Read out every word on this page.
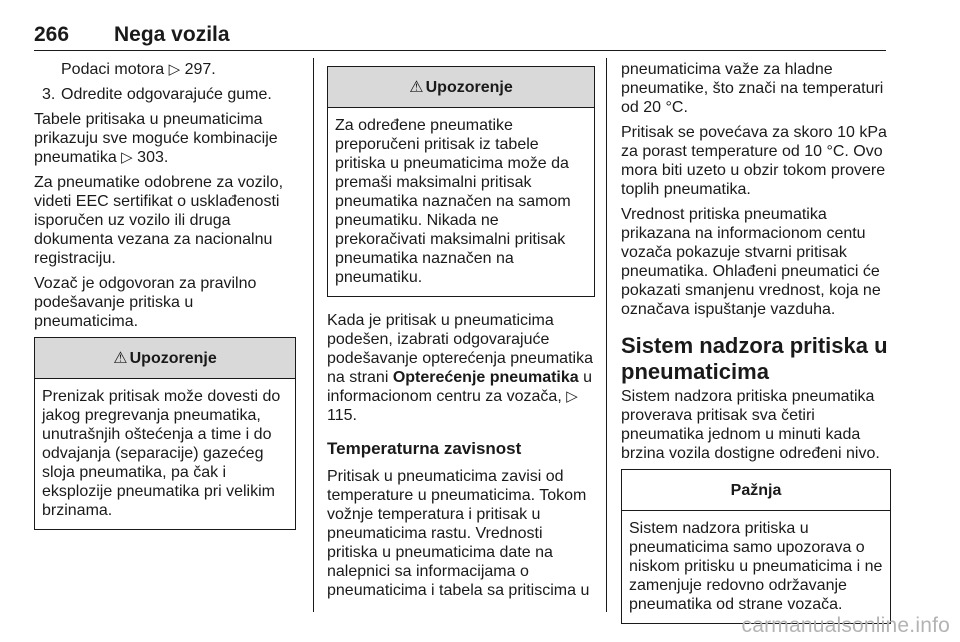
266 Nega vozila

Podaci motora ▷ 297.

3. Odredite odgovarajuće gume.

Tabele pritisaka u pneumaticima prikazuju sve moguće kombinacije pneumatika ▷ 303.

Za pneumatike odobrene za vozilo, videti EEC sertifikat o usklađenosti isporučen uz vozilo ili druga dokumenta vezana za nacionalnu registraciju.

Vozač je odgovoran za pravilno podešavanje pritiska u pneumaticima.

⚠ Upozorenje
Prenizak pritisak može dovesti do jakog pregrevanja pneumatika, unutrašnjih oštećenja a time i do odvajanja (separacije) gazećeg sloja pneumatika, pa čak i eksplozije pneumatika pri velikim brzinama.
⚠ Upozorenje
Za određene pneumatike preporučeni pritisak iz tabele pritiska u pneumaticima može da premaši maksimalni pritisak pneumatika naznačen na samom pneumatiku. Nikada ne prekoračivati maksimalni pritisak pneumatika naznačen na pneumatiku.

Kada je pritisak u pneumaticima podešen, izabrati odgovarajuće podešavanje opterećenja pneumatika na strani Opterećenje pneumatika u informacionom centru za vozača, ▷ 115.

Temperaturna zavisnost

Pritisak u pneumaticima zavisi od temperature u pneumaticima. Tokom vožnje temperatura i pritisak u pneumaticima rastu. Vrednosti pritiska u pneumaticima date na nalepnici sa informacijama o pneumaticima i tabela sa pritiscima u

pneumaticima važe za hladne pneumatike, što znači na temperaturi od 20 °C.

Pritisak se povećava za skoro 10 kPa za porast temperature od 10 °C. Ovo mora biti uzeto u obzir tokom provere toplih pneumatika.

Vrednost pritiska pneumatika prikazana na informacionom centu vozača pokazuje stvarni pritisak pneumatika. Ohlađeni pneumatici će pokazati smanjenu vrednost, koja ne označava ispuštanje vazduha.

Sistem nadzora pritiska u pneumaticima

Sistem nadzora pritiska pneumatika proverava pritisak sva četiri pneumatika jednom u minuti kada brzina vozila dostigne određeni nivo.

Pažnja
Sistem nadzora pritiska u pneumaticima samo upozorava o niskom pritisku u pneumaticima i ne zamenjuje redovno održavanje pneumatika od strane vozača.
carmanualsonline.info
